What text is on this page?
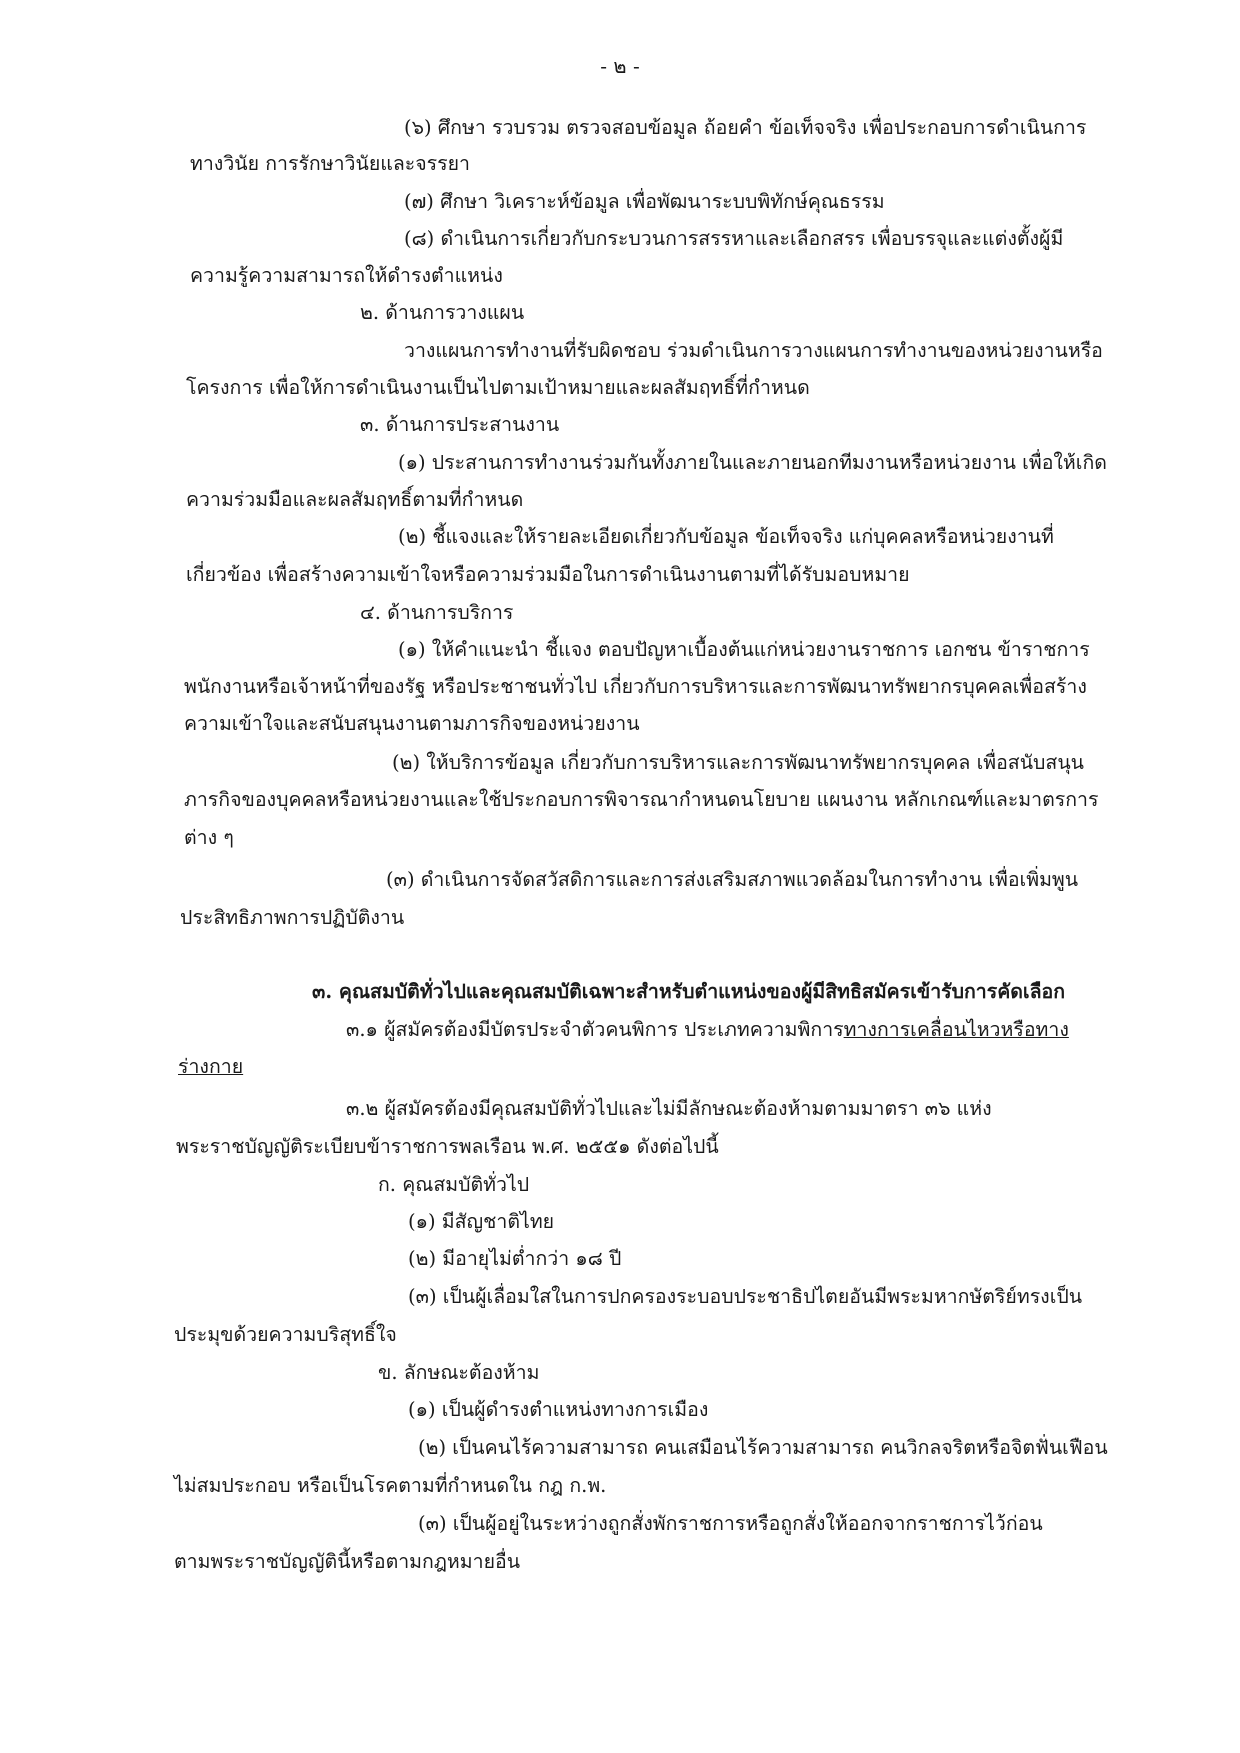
- ๒ -
(๖) ศึกษา รวบรวม ตรวจสอบข้อมูล ถ้อยคำ ข้อเท็จจริง เพื่อประกอบการดำเนินการ
ทางวินัย การรักษาวินัยและจรรยา
(๗) ศึกษา วิเคราะห์ข้อมูล เพื่อพัฒนาระบบพิทักษ์คุณธรรม
(๘) ดำเนินการเกี่ยวกับกระบวนการสรรหาและเลือกสรร เพื่อบรรจุและแต่งตั้งผู้มี
ความรู้ความสามารถให้ดำรงตำแหน่ง
๒. ด้านการวางแผน
วางแผนการทำงานที่รับผิดชอบ ร่วมดำเนินการวางแผนการทำงานของหน่วยงานหรือ
โครงการ เพื่อให้การดำเนินงานเป็นไปตามเป้าหมายและผลสัมฤทธิ์ที่กำหนด
๓. ด้านการประสานงาน
(๑) ประสานการทำงานร่วมกันทั้งภายในและภายนอกทีมงานหรือหน่วยงาน เพื่อให้เกิด
ความร่วมมือและผลสัมฤทธิ์ตามที่กำหนด
(๒) ชี้แจงและให้รายละเอียดเกี่ยวกับข้อมูล ข้อเท็จจริง แก่บุคคลหรือหน่วยงานที่
เกี่ยวข้อง เพื่อสร้างความเข้าใจหรือความร่วมมือในการดำเนินงานตามที่ได้รับมอบหมาย
๔. ด้านการบริการ
(๑) ให้คำแนะนำ ชี้แจง ตอบปัญหาเบื้องต้นแก่หน่วยงานราชการ เอกชน ข้าราชการ
พนักงานหรือเจ้าหน้าที่ของรัฐ หรือประชาชนทั่วไป เกี่ยวกับการบริหารและการพัฒนาทรัพยากรบุคคลเพื่อสร้าง
ความเข้าใจและสนับสนุนงานตามภารกิจของหน่วยงาน
(๒) ให้บริการข้อมูล เกี่ยวกับการบริหารและการพัฒนาทรัพยากรบุคคล เพื่อสนับสนุน
ภารกิจของบุคคลหรือหน่วยงานและใช้ประกอบการพิจารณากำหนดนโยบาย แผนงาน หลักเกณฑ์และมาตรการ
ต่าง ๆ
(๓) ดำเนินการจัดสวัสดิการและการส่งเสริมสภาพแวดล้อมในการทำงาน เพื่อเพิ่มพูน
ประสิทธิภาพการปฏิบัติงาน
๓. คุณสมบัติทั่วไปและคุณสมบัติเฉพาะสำหรับตำแหน่งของผู้มีสิทธิสมัครเข้ารับการคัดเลือก
๓.๑ ผู้สมัครต้องมีบัตรประจำตัวคนพิการ ประเภทความพิการทางการเคลื่อนไหวหรือทาง
ร่างกาย
๓.๒ ผู้สมัครต้องมีคุณสมบัติทั่วไปและไม่มีลักษณะต้องห้ามตามมาตรา ๓๖ แห่ง
พระราชบัญญัติระเบียบข้าราชการพลเรือน พ.ศ. ๒๕๕๑ ดังต่อไปนี้
ก. คุณสมบัติทั่วไป
(๑) มีสัญชาติไทย
(๒) มีอายุไม่ต่ำกว่า ๑๘ ปี
(๓) เป็นผู้เลื่อมใสในการปกครองระบอบประชาธิปไตยอันมีพระมหากษัตริย์ทรงเป็น
ประมุขด้วยความบริสุทธิ์ใจ
ข. ลักษณะต้องห้าม
(๑) เป็นผู้ดำรงตำแหน่งทางการเมือง
(๒) เป็นคนไร้ความสามารถ คนเสมือนไร้ความสามารถ คนวิกลจริตหรือจิตฟั่นเฟือน
ไม่สมประกอบ หรือเป็นโรคตามที่กำหนดใน กฎ ก.พ.
(๓) เป็นผู้อยู่ในระหว่างถูกสั่งพักราชการหรือถูกสั่งให้ออกจากราชการไว้ก่อน
ตามพระราชบัญญัตินี้หรือตามกฎหมายอื่น
